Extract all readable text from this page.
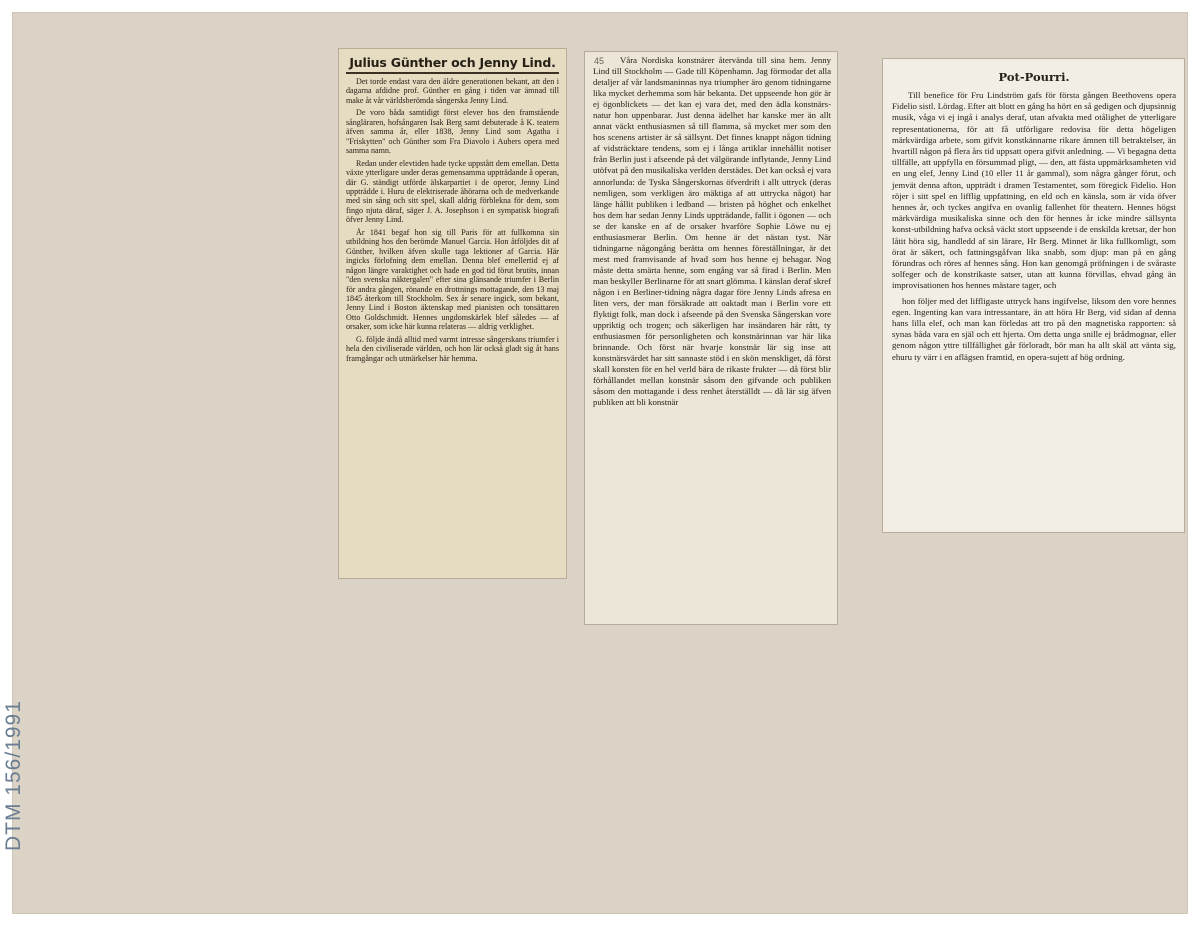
Julius Günther och Jenny Lind.

Det torde endast vara den äldre generationen bekant, att den i dagarna afdidne prof. Günther en gång i tiden var ämnad till make åt vår världsberömda sångerska Jenny Lind.

De voro båda samtidigt först elever hos den framstående sångläraren, hofsångaren Isak Berg samt debuterade å K. teatern äfven samma år, eller 1838, Jenny Lind som Agatha i "Friskytten" och Günther som Fra Diavolo i Aubers opera med samma namn.

Redan under elevtiden hade tycke uppstått dem emellan. Detta växte ytterligare under deras gemensamma uppträdande å operan, där G. ständigt utförde älskarpartiet i de operor, Jenny Lind uppträdde i. Huru de elektriserade åhörarna och de medverkande med sin sång och sitt spel, skall aldrig förblekna för dem, som fingo njuta däraf, säger J. A. Josephson i en sympatisk biografi öfver Jenny Lind.

År 1841 begaf hon sig till Paris för att fullkomna sin utbildning hos den berömde Manuel Garcia. Hon åtföljdes dit af Günther, hvilken äfven skulle taga lektioner af Garcia. Här ingicks förlofning dem emellan. Denna blef emellertid ej af någon längre varaktighet och hade en god tid förut brutits, innan "den svenska näktergalen" efter sina glänsande triumfer i Berlin för andra gången, rönande en drottnings mottagande, den 13 maj 1845 återkom till Stockholm. Sex år senare ingick, som bekant, Jenny Lind i Boston äktenskap med pianisten och tonsättaren Otto Goldschmidt. Hennes ungdomskärlek blef således — af orsaker, som icke här kunna relateras — aldrig verklighet.

G. följde ändå alltid med varmt intresse sångerskans triumfer i hela den civiliserade världen, och hon lär också gladt sig åt hans framgångar och utmärkelser här hemma.

45	Våra Nordiska konstnärer återvända till sina hem. Jenny Lind till Stockholm — Gade till Köpenhamn. Jag förmodar det alla detaljer af vår landsmaninnas nya triumpher äro genom tidningarne lika mycket derhemma som här bekanta. Det uppseende hon gör är ej ögonblickets — det kan ej vara det, med den ädla konstnärs-natur hon uppenbarar. Just denna ädelhet har kanske mer än allt annat väckt enthusiasmen så till flamma, så mycket mer som den hos scenens artister är så sällsynt. Det finnes knappt någon tidning af vidsträcktare tendens, som ej i långa artiklar innehållit notiser från Berlin just i afseende på det välgörande inflytande, Jenny Lind utöfvat på den musikaliska verlden derstädes. Det kan också ej vara annorlunda: de Tyska Sångerskornas öfverdrift i allt uttryck (deras nemligen, som verkligen äro mäktiga af att uttrycka något) har länge hållit publiken i ledband — bristen på höghet och enkelhet hos dem har sedan Jenny Linds uppträdande, fallit i ögonen — och se der kanske en af de orsaker hvarföre Sophie Löwe nu ej enthusiasmerar Berlin. Om henne är det nästan tyst. När tidningarne någongång berätta om hennes föreställningar, är det mest med framvisande af hvad som hos henne ej behagar. Nog måste detta smärta henne, som engång var så firad i Berlin. Men man beskyller Berlinarne för att snart glömma. I känslan deraf skref någon i en Berliner-tidning några dagar före Jenny Linds afresa en liten vers, der man försäkrade att oaktadt man i Berlin vore ett flyktigt folk, man dock i afseende på den Svenska Sångerskan vore uppriktig och trogen; och säkerligen har insändaren här rått, ty enthusiasmen för personligheten och konstnärinnan var här lika brinnande. Och först när hvarje konstnär lär sig inse att konstnärsvärdet har sitt sannaste stöd i en skön menskliget, då först skall konsten för en hel verld bära de rikaste frukter — då först blir förhållandet mellan konstnär såsom den gifvande och publiken såsom den mottagande i dess renhet återställdt — då lär sig äfven publiken att bli konstnär

Pot-Pourri.

Till benefice för Fru Lindström gafs för första gången Beethovens opera Fidelio sistl. Lördag. Efter att blott en gång ha hört en så gedigen och djupsinnig musik, våga vi ej ingå i analys deraf, utan afvakta med otålighet de ytterligare representationerna, för att få utförligare redovisa för detta högeligen märkvärdiga arbete, som gifvit konstkännarne rikare ämnen till betraktelser, än hvartill någon på flera års tid uppsatt opera gifvit anledning. — Vi begagna detta tillfälle, att uppfylla en försummad pligt, — den, att fästa uppmärksamheten vid en ung elef, Jenny Lind (10 eller 11 år gammal), som några gånger förut, och jemvät denna afton, uppträdt i dramen Testamentet, som föregick Fidelio. Hon röjer i sitt spel en lifflig uppfattning, en eld och en känsla, som är vida öfver hennes år, och tyckes angifva en ovanlig fallenhet för theatern. Hennes högst märkvärdiga musikaliska sinne och den för hennes år icke mindre sällsynta konst-utbildning hafva också väckt stort uppseende i de enskilda kretsar, der hon låtit höra sig, handledd af sin lärare, Hr Berg. Minnet är lika fullkomligt, som örat är säkert, och fattningsgåfvan lika snabb, som djup: man på en gång förundras och röres af hennes sång. Hon kan genomgå pröfningen i de svåraste solfeger och de konstrikaste satser, utan att kunna förvillas, ehvad gång än improvisationen hos hennes mästare tager, och

hon följer med det liffligaste uttryck hans ingifvelse, liksom den vore hennes egen. Ingenting kan vara intressantare, än att höra Hr Berg, vid sidan af denna hans lilla elef, och man kan förledas att tro på den magnetiska rapporten: så synas båda vara en själ och ett hjerta. Om detta unga snille ej brådmognar, eller genom någon yttre tillfällighet går förloradt, bör man ha allt skäl att vänta sig, ehuru ty värr i en aflägsen framtid, en opera-sujett af hög ordning.

DTM 156/1991
